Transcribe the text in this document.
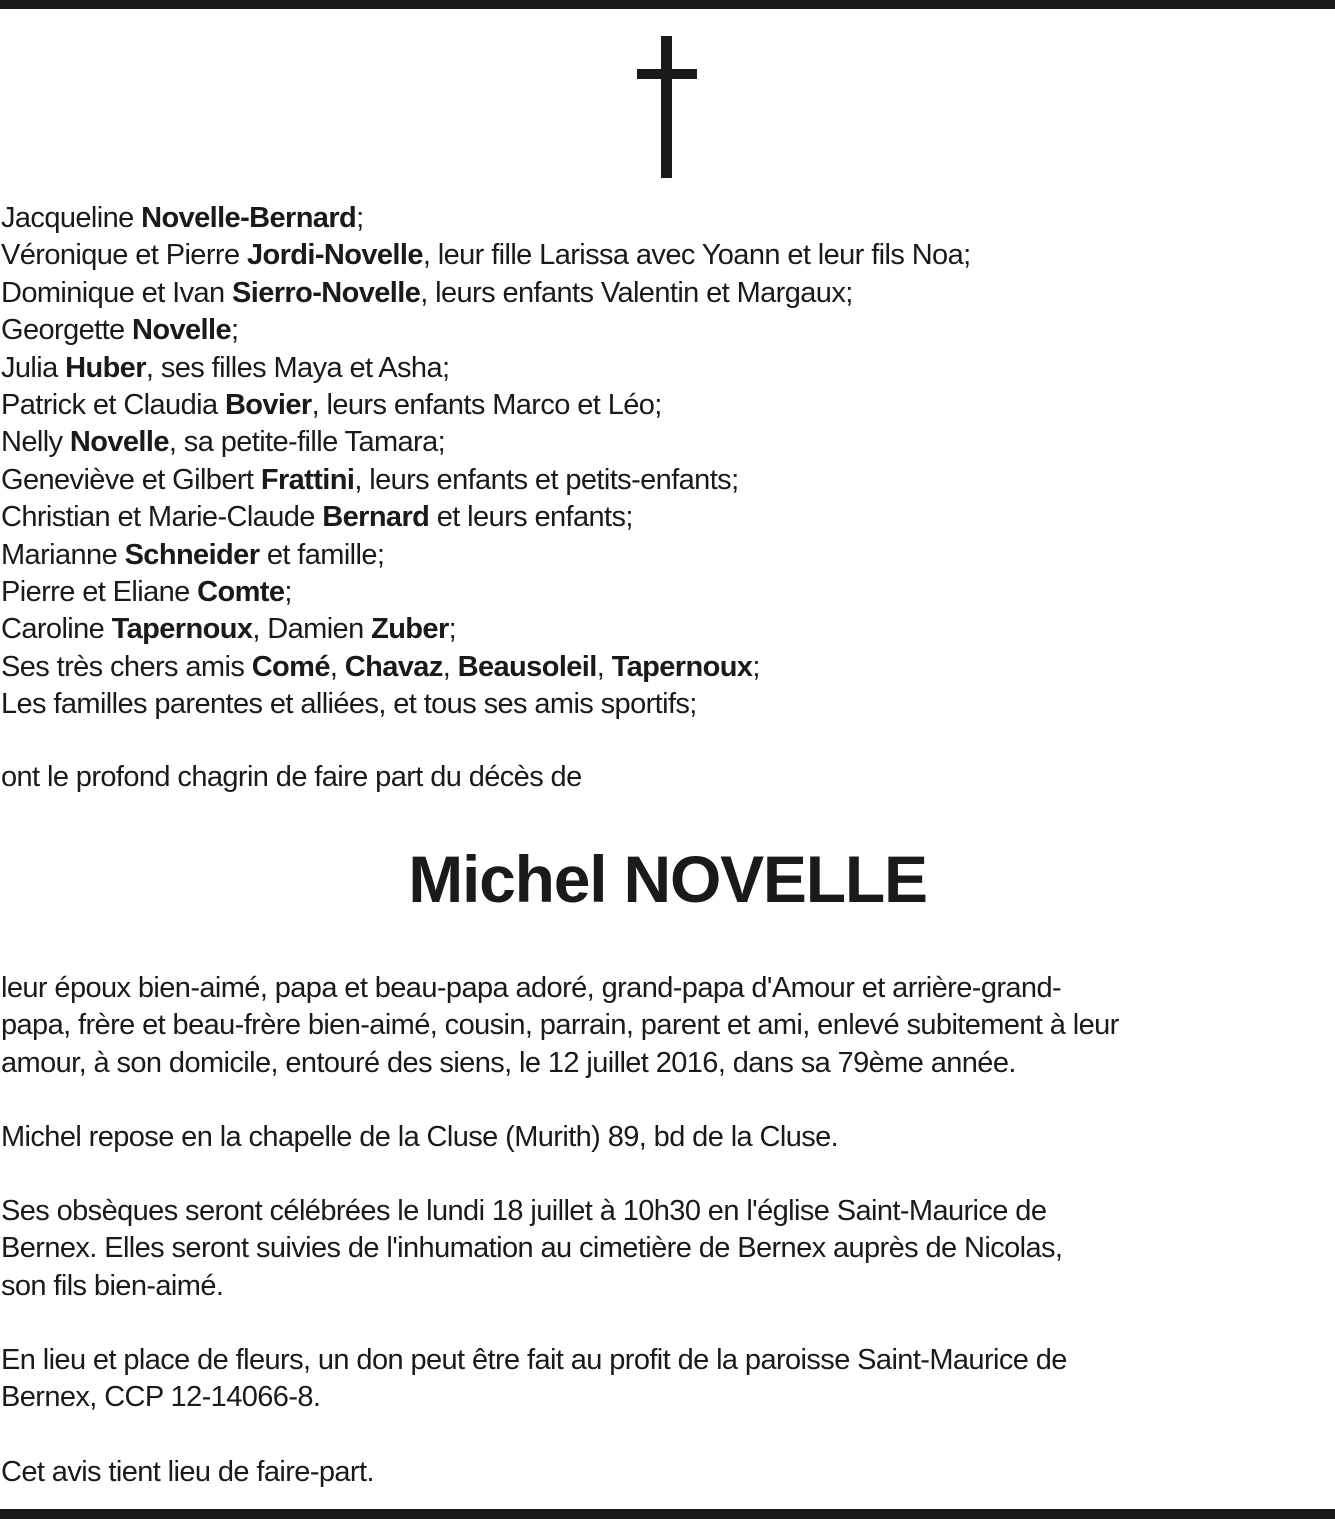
Jacqueline Novelle-Bernard;
Véronique et Pierre Jordi-Novelle, leur fille Larissa avec Yoann et leur fils Noa;
Dominique et Ivan Sierro-Novelle, leurs enfants Valentin et Margaux;
Georgette Novelle;
Julia Huber, ses filles Maya et Asha;
Patrick et Claudia Bovier, leurs enfants Marco et Léo;
Nelly Novelle, sa petite-fille Tamara;
Geneviève et Gilbert Frattini, leurs enfants et petits-enfants;
Christian et Marie-Claude Bernard et leurs enfants;
Marianne Schneider et famille;
Pierre et Eliane Comte;
Caroline Tapernoux, Damien Zuber;
Ses très chers amis Comé, Chavaz, Beausoleil, Tapernoux;
Les familles parentes et alliées, et tous ses amis sportifs;
ont le profond chagrin de faire part du décès de
Michel NOVELLE
leur époux bien-aimé, papa et beau-papa adoré, grand-papa d'Amour et arrière-grand-
papa, frère et beau-frère bien-aimé, cousin, parrain, parent et ami, enlevé subitement à leur
amour, à son domicile, entouré des siens, le 12 juillet 2016, dans sa 79ème année.
Michel repose en la chapelle de la Cluse (Murith) 89, bd de la Cluse.
Ses obsèques seront célébrées le lundi 18 juillet à 10h30 en l'église Saint-Maurice de
Bernex. Elles seront suivies de l'inhumation au cimetière de Bernex auprès de Nicolas,
son fils bien-aimé.
En lieu et place de fleurs, un don peut être fait au profit de la paroisse Saint-Maurice de
Bernex, CCP 12-14066-8.
Cet avis tient lieu de faire-part.
